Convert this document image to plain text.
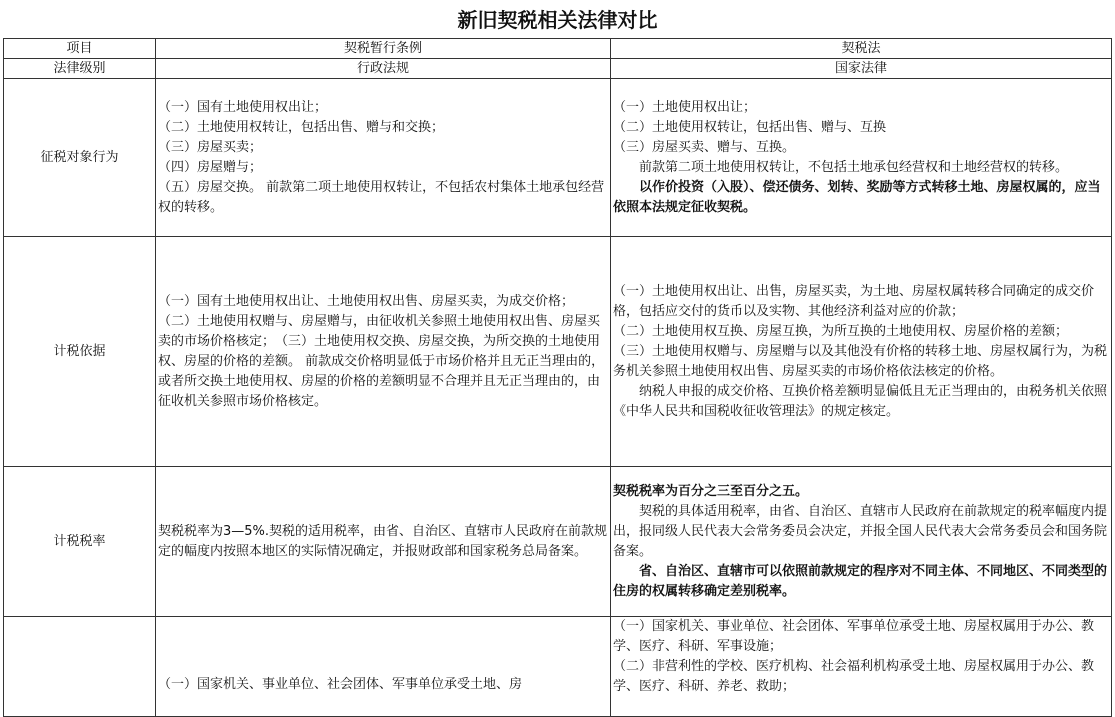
新旧契税相关法律对比
项目	契税暂行条例	契税法
法律级别	行政法规	国家法律
征税对象行为	（一）国有土地使用权出让；
（二）土地使用权转让，包括出售、赠与和交换；
（三）房屋买卖；
（四）房屋赠与；
（五）房屋交换。 前款第二项土地使用权转让，不包括农村集体土地承包经营权的转移。	（一）土地使用权出让；
（二）土地使用权转让，包括出售、赠与、互换
（三）房屋买卖、赠与、互换。
前款第二项土地使用权转让，不包括土地承包经营权和土地经营权的转移。
以作价投资（入股）、偿还债务、划转、奖励等方式转移土地、房屋权属的，应当依照本法规定征收契税。

计税依据	（一）国有土地使用权出让、土地使用权出售、房屋买卖，为成交价格；
（二）土地使用权赠与、房屋赠与，由征收机关参照土地使用权出售、房屋买卖的市场价格核定；　（三）土地使用权交换、房屋交换，为所交换的土地使用权、房屋的价格的差额。 前款成交价格明显低于市场价格并且无正当理由的，或者所交换土地使用权、房屋的价格的差额明显不合理并且无正当理由的，由征收机关参照市场价格核定。	（一）土地使用权出让、出售，房屋买卖，为土地、房屋权属转移合同确定的成交价格，包括应交付的货币以及实物、其他经济利益对应的价款；
（二）土地使用权互换、房屋互换，为所互换的土地使用权、房屋价格的差额；
（三）土地使用权赠与、房屋赠与以及其他没有价格的转移土地、房屋权属行为，为税务机关参照土地使用权出售、房屋买卖的市场价格依法核定的价格。
纳税人申报的成交价格、互换价格差额明显偏低且无正当理由的，由税务机关依照《中华人民共和国税收征收管理法》的规定核定。

计税税率	契税税率为3—5%.契税的适用税率，由省、自治区、直辖市人民政府在前款规定的幅度内按照本地区的实际情况确定，并报财政部和国家税务总局备案。	契税税率为百分之三至百分之五。
契税的具体适用税率，由省、自治区、直辖市人民政府在前款规定的税率幅度内提出，报同级人民代表大会常务委员会决定，并报全国人民代表大会常务委员会和国务院备案。
省、自治区、直辖市可以依照前款规定的程序对不同主体、不同地区、不同类型的住房的权属转移确定差别税率。

	（一）国家机关、事业单位、社会团体、军事单位承受土地、房	（一）国家机关、事业单位、社会团体、军事单位承受土地、房屋权属用于办公、教学、医疗、科研、军事设施；
（二）非营利性的学校、医疗机构、社会福利机构承受土地、房屋权属用于办公、教学、医疗、科研、养老、救助；
